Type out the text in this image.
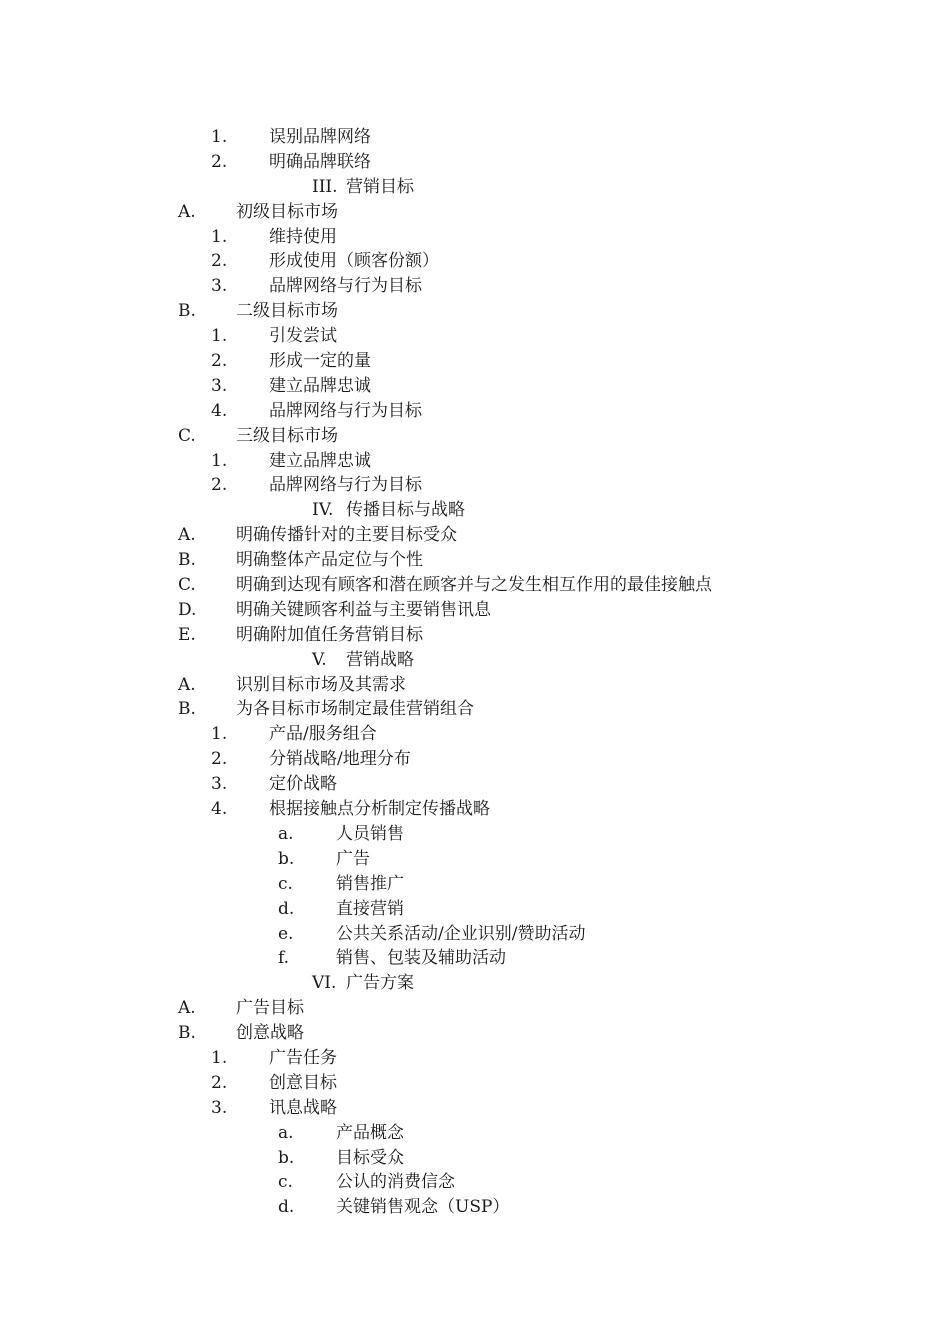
1. 误别品牌网络
2. 明确品牌联络
III. 营销目标
A. 初级目标市场
1. 维持使用
2. 形成使用（顾客份额）
3. 品牌网络与行为目标
B. 二级目标市场
1. 引发尝试
2. 形成一定的量
3. 建立品牌忠诚
4. 品牌网络与行为目标
C. 三级目标市场
1. 建立品牌忠诚
2. 品牌网络与行为目标
IV. 传播目标与战略
A. 明确传播针对的主要目标受众
B. 明确整体产品定位与个性
C. 明确到达现有顾客和潜在顾客并与之发生相互作用的最佳接触点
D. 明确关键顾客利益与主要销售讯息
E. 明确附加值任务营销目标
V. 营销战略
A. 识别目标市场及其需求
B. 为各目标市场制定最佳营销组合
1. 产品/服务组合
2. 分销战略/地理分布
3. 定价战略
4. 根据接触点分析制定传播战略
a. 人员销售
b. 广告
c.	销售推广
d. 直接营销
e.	公共关系活动/企业识别/赞助活动
f.	销售、包装及辅助活动
VI. 广告方案
A. 广告目标
B. 创意战略
1. 广告任务
2. 创意目标
3. 讯息战略
a. 产品概念
b. 目标受众
c.	公认的消费信念
d. 关键销售观念（USP）
